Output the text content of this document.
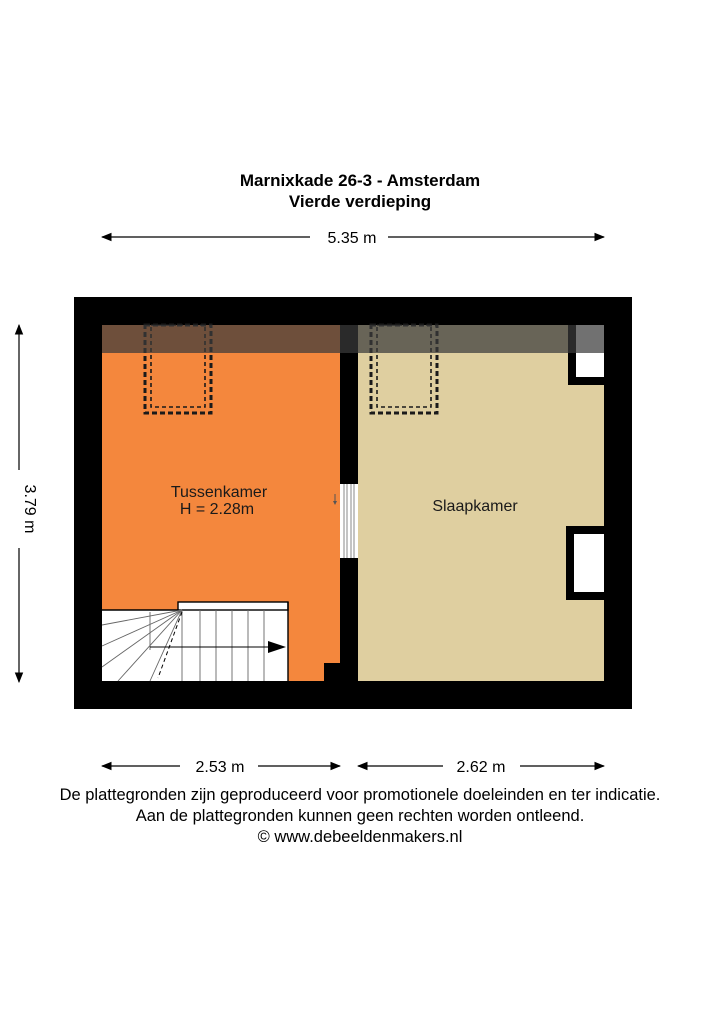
Marnixkade 26-3 - Amsterdam
Vierde verdieping
5.35 m
3.79 m	Tussenkamer
H = 2.28m	Slaapkamer
2.53 m	2.62 m
De plattegronden zijn geproduceerd voor promotionele doeleinden en ter indicatie.
Aan de plattegronden kunnen geen rechten worden ontleend.
© www.debeeldenmakers.nl
